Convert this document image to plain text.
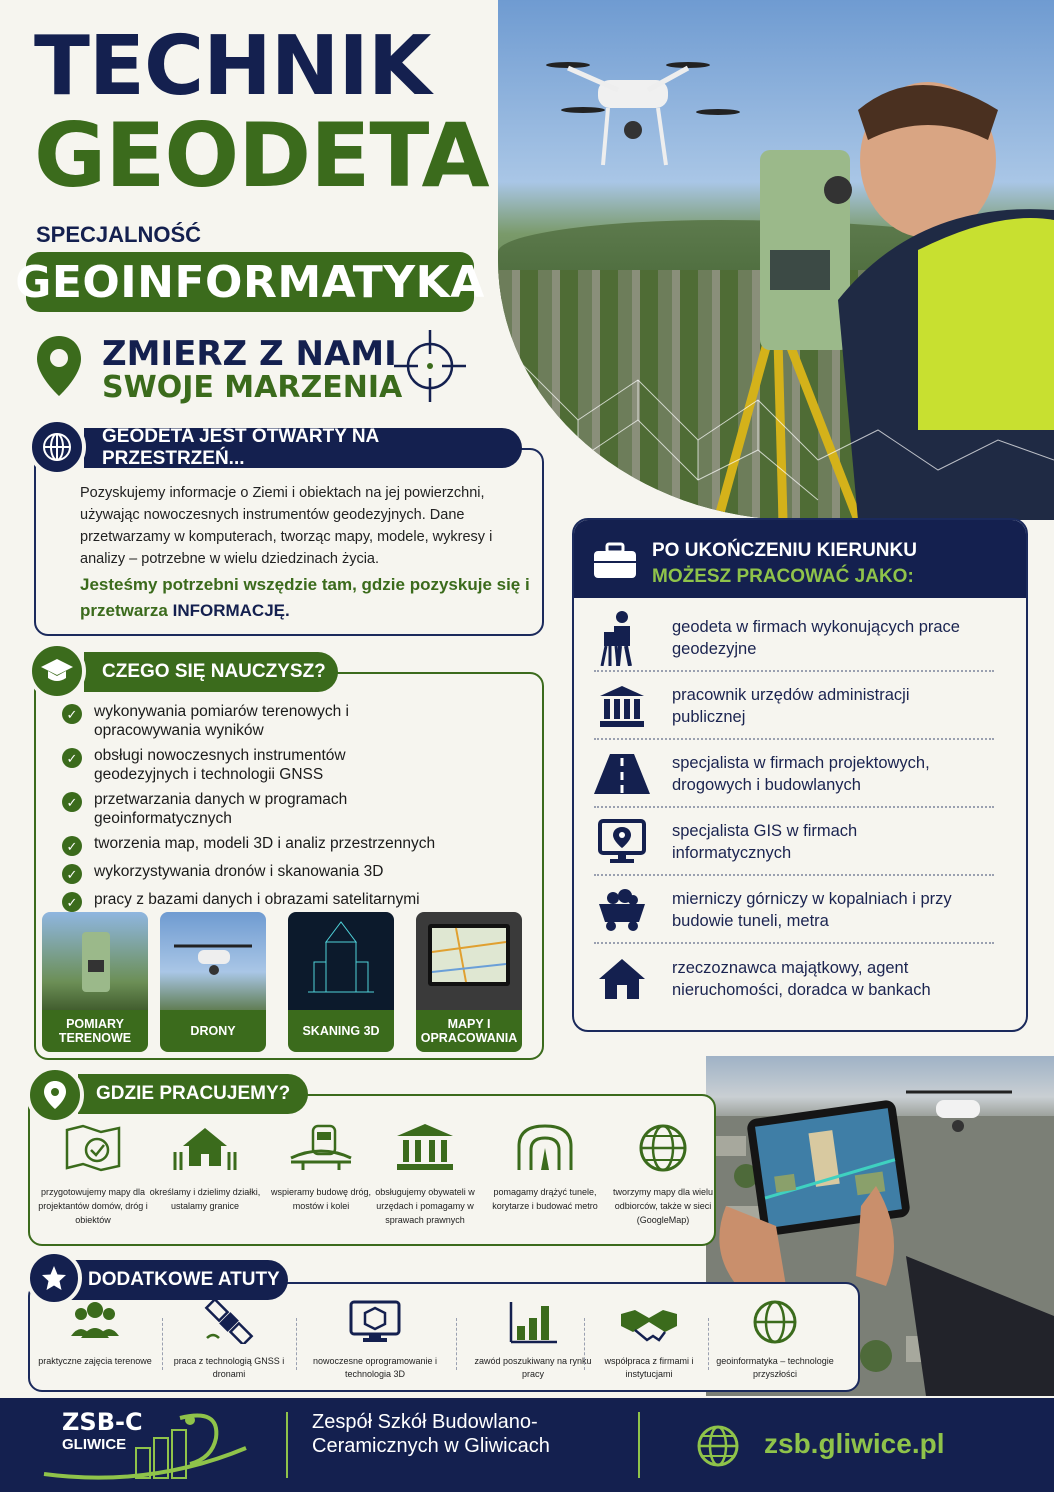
TECHNIK
GEODETA
SPECJALNOŚĆ
GEOINFORMATYKA
ZMIERZ Z NAMI
SWOJE MARZENIA
GEODETA JEST OTWARTY NA PRZESTRZEŃ...
Pozyskujemy informacje o Ziemi i obiektach na jej powierzchni, używając nowoczesnych instrumentów geodezyjnych. Dane przetwarzamy w komputerach, tworząc mapy, modele, wykresy i analizy – potrzebne w wielu dziedzinach życia.
Jesteśmy potrzebni wszędzie tam, gdzie pozyskuje się i przetwarza INFORMACJĘ.
CZEGO SIĘ NAUCZYSZ?
✓ wykonywania pomiarów terenowych i opracowywania wyników
✓ obsługi nowoczesnych instrumentów geodezyjnych i technologii GNSS
✓ przetwarzania danych w programach geoinformatycznych
✓ tworzenia map, modeli 3D i analiz przestrzennych
✓ wykorzystywania dronów i skanowania 3D
✓ pracy z bazami danych i obrazami satelitarnymi
POMIARY TERENOWE	DRONY	SKANING 3D	MAPY I OPRACOWANIA
PO UKOŃCZENIU KIERUNKU
MOŻESZ PRACOWAĆ JAKO:
geodeta w firmach wykonujących prace geodezyjne
pracownik urzędów administracji publicznej
specjalista w firmach projektowych, drogowych i budowlanych
specjalista GIS w firmach informatycznych
mierniczy górniczy w kopalniach i przy budowie tuneli, metra
rzeczoznawca majątkowy, agent nieruchomości, doradca w bankach
GDZIE PRACUJEMY?
przygotowujemy mapy dla projektantów domów, dróg i obiektów
określamy i dzielimy działki, ustalamy granice
wspieramy budowę dróg, mostów i kolei
obsługujemy obywateli w urzędach i pomagamy w sprawach prawnych
pomagamy drążyć tunele, korytarze i budować metro
tworzymy mapy dla wielu odbiorców, także w sieci (GoogleMap)
DODATKOWE ATUTY
praktyczne zajęcia terenowe	praca z technologią GNSS i dronami
nowoczesne oprogramowanie i technologia 3D
zawód poszukiwany na rynku pracy
współpraca z firmami i instytucjami
geoinformatyka – technologie przyszłości
ZSB-C
GLIWICE
Zespół Szkół Budowlano-Ceramicznych w Gliwicach	zsb.gliwice.pl
